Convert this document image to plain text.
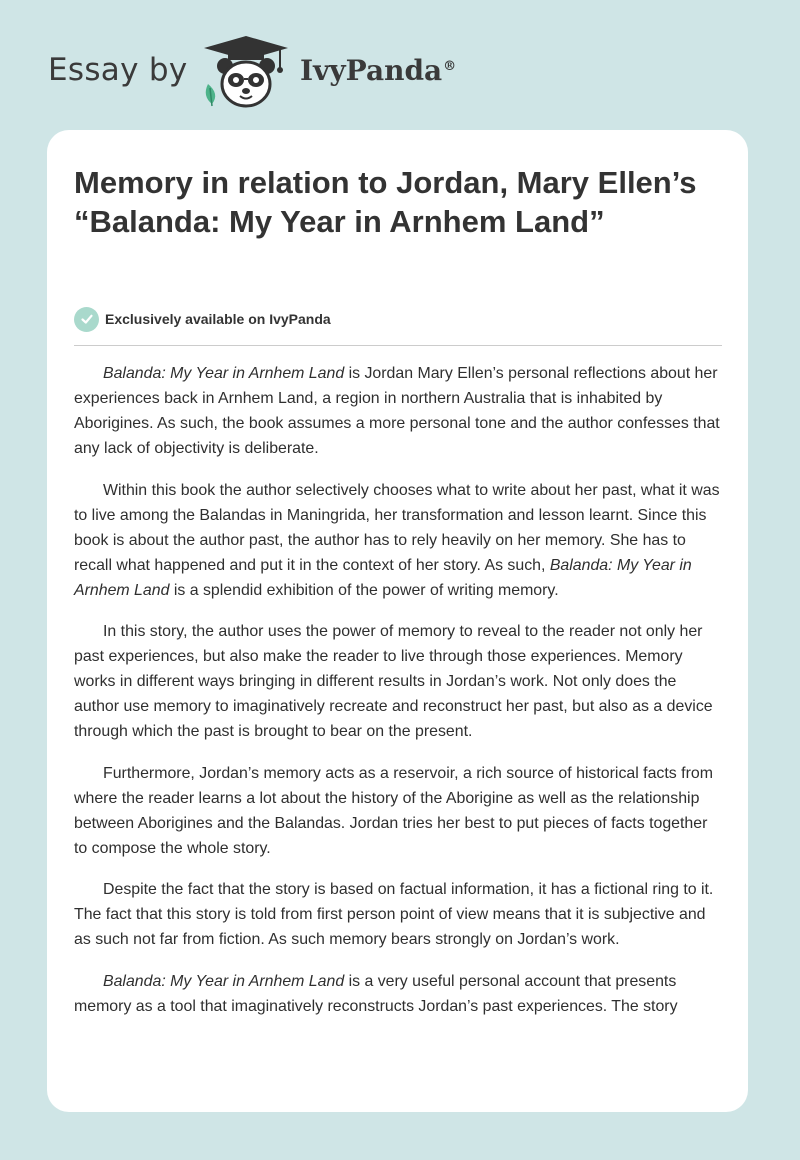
Essay by	IvyPanda®
Memory in relation to Jordan, Mary Ellen’s “Balanda: My Year in Arnhem Land”
Exclusively available on IvyPanda

Balanda: My Year in Arnhem Land is Jordan Mary Ellen’s personal reflections about her experiences back in Arnhem Land, a region in northern Australia that is inhabited by Aborigines. As such, the book assumes a more personal tone and the author confesses that any lack of objectivity is deliberate.

Within this book the author selectively chooses what to write about her past, what it was to live among the Balandas in Maningrida, her transformation and lesson learnt. Since this book is about the author past, the author has to rely heavily on her memory. She has to recall what happened and put it in the context of her story. As such, Balanda: My Year in Arnhem Land is a splendid exhibition of the power of writing memory.

In this story, the author uses the power of memory to reveal to the reader not only her past experiences, but also make the reader to live through those experiences. Memory works in different ways bringing in different results in Jordan’s work. Not only does the author use memory to imaginatively recreate and reconstruct her past, but also as a device through which the past is brought to bear on the present.

Furthermore, Jordan’s memory acts as a reservoir, a rich source of historical facts from where the reader learns a lot about the history of the Aborigine as well as the relationship between Aborigines and the Balandas. Jordan tries her best to put pieces of facts together to compose the whole story.

Despite the fact that the story is based on factual information, it has a fictional ring to it. The fact that this story is told from first person point of view means that it is subjective and as such not far from fiction. As such memory bears strongly on Jordan’s work.

Balanda: My Year in Arnhem Land is a very useful personal account that presents memory as a tool that imaginatively reconstructs Jordan’s past experiences. The story
